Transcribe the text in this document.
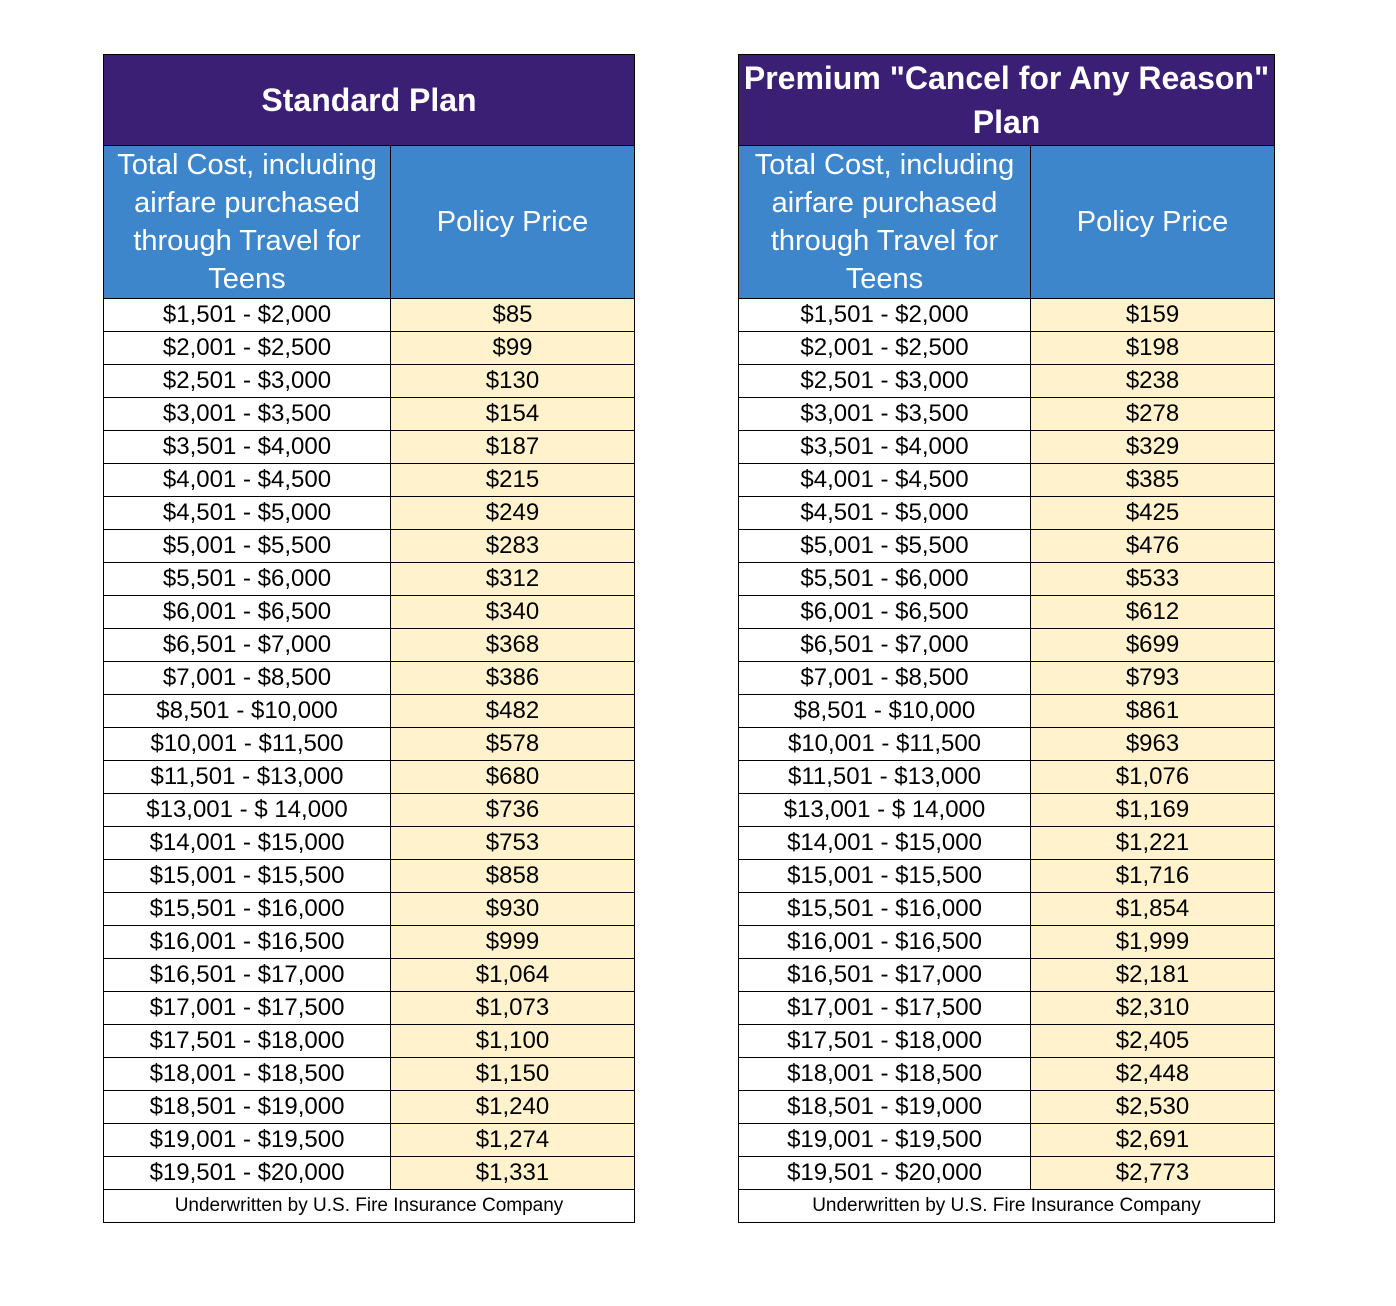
Standard Plan	
Total Cost, including airfare purchased through Travel for Teens	Policy Price
$1,501 - $2,000	$85
$2,001 - $2,500	$99
$2,501 - $3,000	$130
$3,001 - $3,500	$154
$3,501 - $4,000	$187
$4,001 - $4,500	$215
$4,501 - $5,000	$249
$5,001 - $5,500	$283
$5,501 - $6,000	$312
$6,001 - $6,500	$340
$6,501 - $7,000	$368
$7,001 - $8,500	$386
$8,501 - $10,000	$482
$10,001 - $11,500	$578
$11,501 - $13,000	$680
$13,001 - $ 14,000	$736
$14,001 - $15,000	$753
$15,001 - $15,500	$858
$15,501 - $16,000	$930
$16,001 - $16,500	$999
$16,501 - $17,000	$1,064
$17,001 - $17,500	$1,073
$17,501 - $18,000	$1,100
$18,001 - $18,500	$1,150
$18,501 - $19,000	$1,240
$19,001 - $19,500	$1,274
$19,501 - $20,000	$1,331
Underwritten by U.S. Fire Insurance Company	
Premium "Cancel for Any Reason" Plan	
Total Cost, including airfare purchased through Travel for Teens	Policy Price
$1,501 - $2,000	$159
$2,001 - $2,500	$198
$2,501 - $3,000	$238
$3,001 - $3,500	$278
$3,501 - $4,000	$329
$4,001 - $4,500	$385
$4,501 - $5,000	$425
$5,001 - $5,500	$476
$5,501 - $6,000	$533
$6,001 - $6,500	$612
$6,501 - $7,000	$699
$7,001 - $8,500	$793
$8,501 - $10,000	$861
$10,001 - $11,500	$963
$11,501 - $13,000	$1,076
$13,001 - $ 14,000	$1,169
$14,001 - $15,000	$1,221
$15,001 - $15,500	$1,716
$15,501 - $16,000	$1,854
$16,001 - $16,500	$1,999
$16,501 - $17,000	$2,181
$17,001 - $17,500	$2,310
$17,501 - $18,000	$2,405
$18,001 - $18,500	$2,448
$18,501 - $19,000	$2,530
$19,001 - $19,500	$2,691
$19,501 - $20,000	$2,773
Underwritten by U.S. Fire Insurance Company	
